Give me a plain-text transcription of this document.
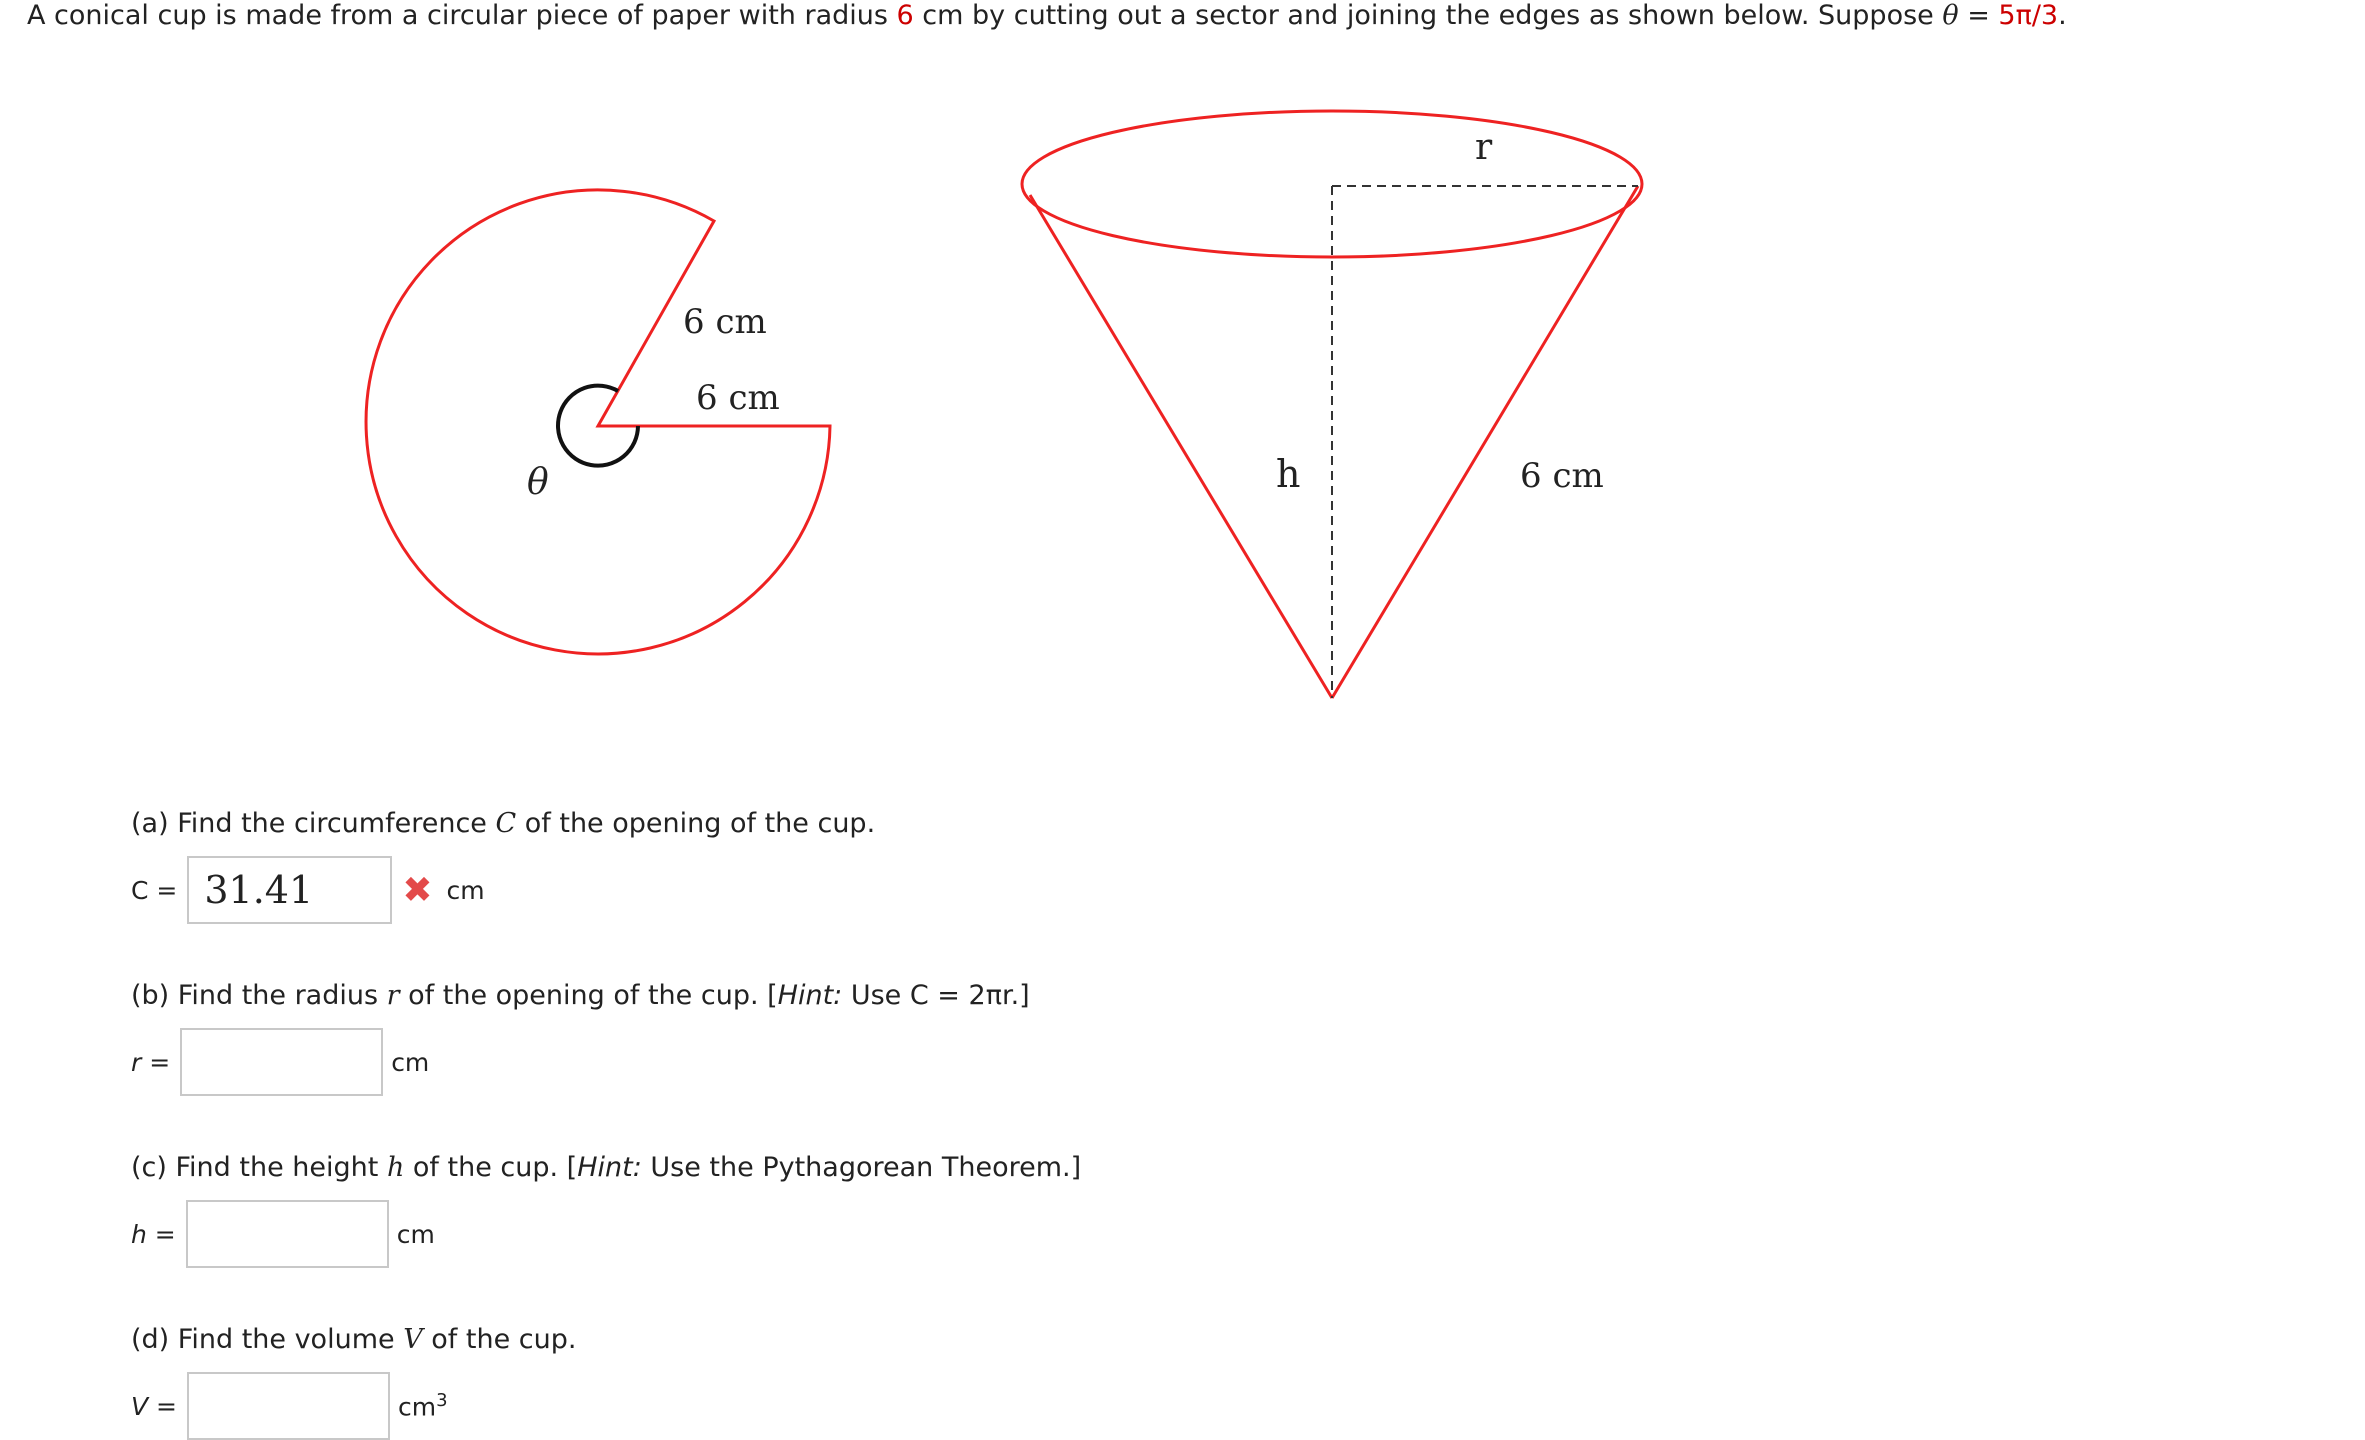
A conical cup is made from a circular piece of paper with radius 6 cm by cutting out a sector and joining the edges as shown below. Suppose θ = 5π/3.
6 cm
6 cm
θ
r
h	6 cm
(a) Find the circumference C of the opening of the cup.
C = 31.41	✖ cm
(b) Find the radius r of the opening of the cup. [Hint: Use C = 2πr.]
r =	cm
(c) Find the height h of the cup. [Hint: Use the Pythagorean Theorem.]
h =	cm
(d) Find the volume V of the cup.
V =	$cm^3$
